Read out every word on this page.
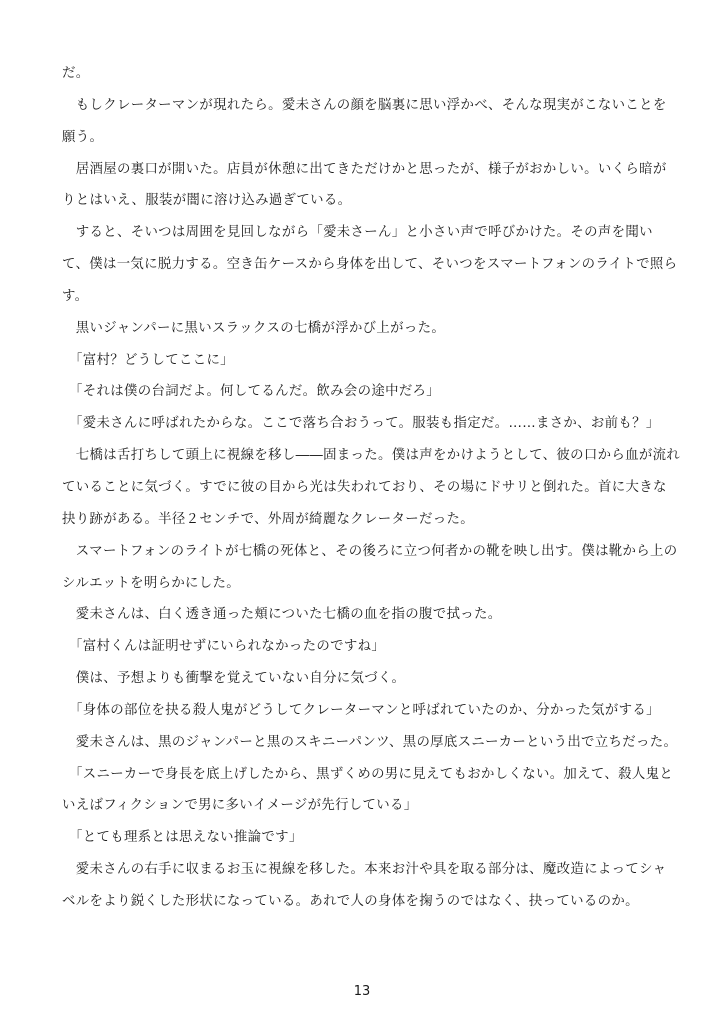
だ。
　もしクレーターマンが現れたら。愛未さんの顔を脳裏に思い浮かべ、そんな現実がこないことを
願う。
　居酒屋の裏口が開いた。店員が休憩に出てきただけかと思ったが、様子がおかしい。いくら暗が
りとはいえ、服装が闇に溶け込み過ぎている。
　すると、そいつは周囲を見回しながら「愛未さーん」と小さい声で呼びかけた。その声を聞い
て、僕は一気に脱力する。空き缶ケースから身体を出して、そいつをスマートフォンのライトで照ら
す。
　黒いジャンパーに黒いスラックスの七橋が浮かび上がった。
　「富村？どうしてここに」
　「それは僕の台詞だよ。何してるんだ。飲み会の途中だろ」
　「愛未さんに呼ばれたからな。ここで落ち合おうって。服装も指定だ。……まさか、お前も？」
　七橋は舌打ちして頭上に視線を移し――固まった。僕は声をかけようとして、彼の口から血が流れ
ていることに気づく。すでに彼の目から光は失われており、その場にドサリと倒れた。首に大きな
抉り跡がある。半径２センチで、外周が綺麗なクレーターだった。
　スマートフォンのライトが七橋の死体と、その後ろに立つ何者かの靴を映し出す。僕は靴から上の
シルエットを明らかにした。
　愛未さんは、白く透き通った頬についた七橋の血を指の腹で拭った。
　「富村くんは証明せずにいられなかったのですね」
　僕は、予想よりも衝撃を覚えていない自分に気づく。
　「身体の部位を抉る殺人鬼がどうしてクレーターマンと呼ばれていたのか、分かった気がする」
　愛未さんは、黒のジャンパーと黒のスキニーパンツ、黒の厚底スニーカーという出で立ちだった。
　「スニーカーで身長を底上げしたから、黒ずくめの男に見えてもおかしくない。加えて、殺人鬼と
いえばフィクションで男に多いイメージが先行している」
　「とても理系とは思えない推論です」
　愛未さんの右手に収まるお玉に視線を移した。本来お汁や具を取る部分は、魔改造によってシャ
ベルをより鋭くした形状になっている。あれで人の身体を掬うのではなく、抉っているのか。
13
